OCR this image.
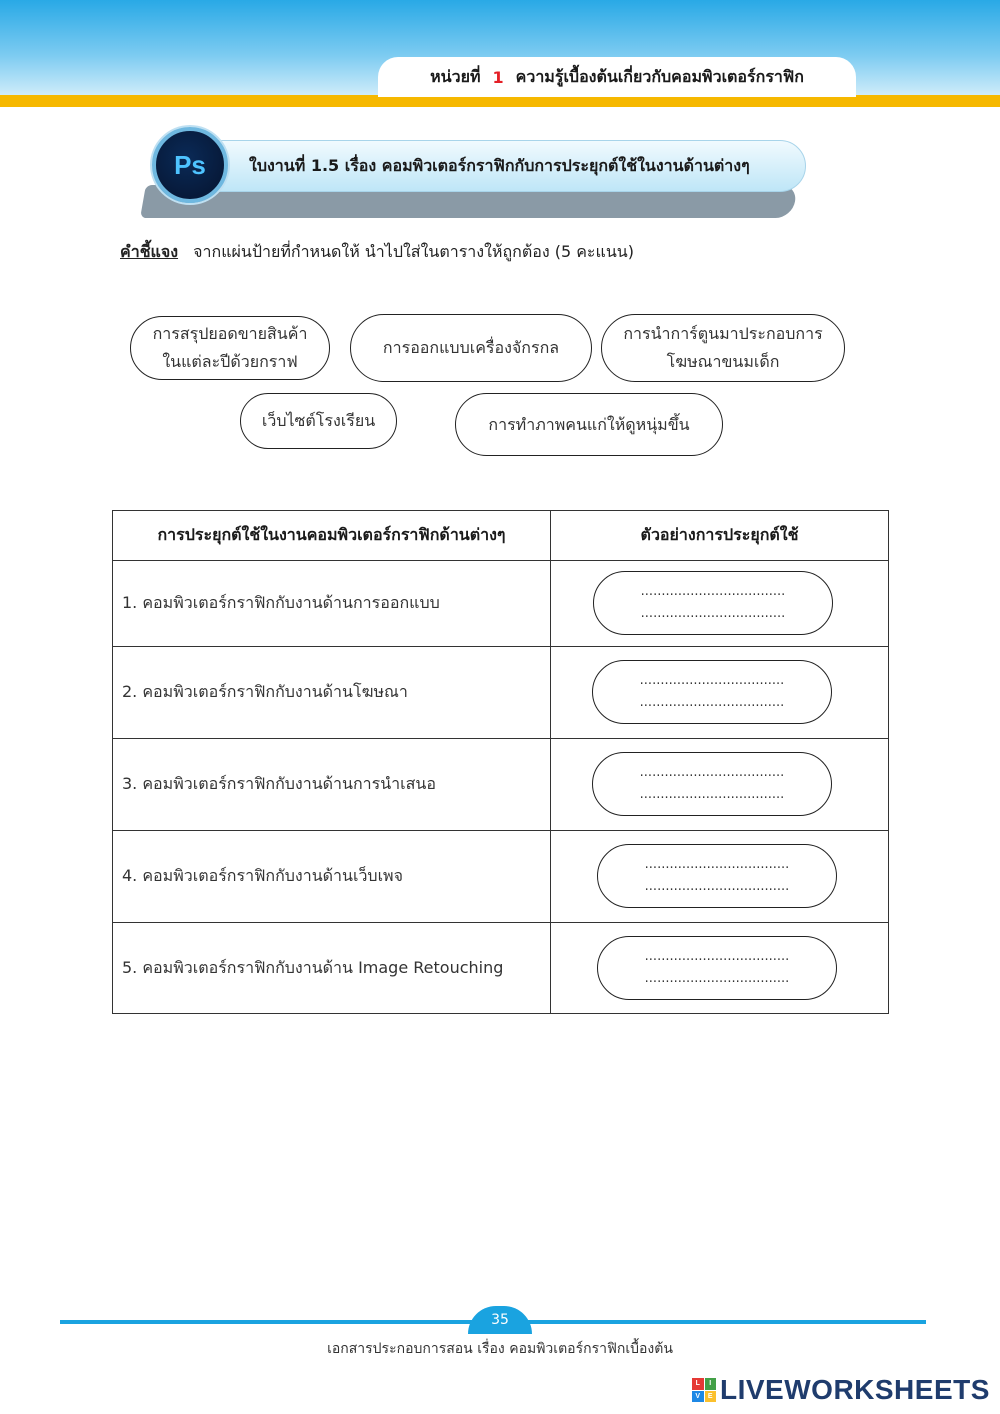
หน่วยที่ 1 ความรู้เบื้องต้นเกี่ยวกับคอมพิวเตอร์กราฟิก
ใบงานที่ 1.5 เรื่อง คอมพิวเตอร์กราฟิกกับการประยุกต์ใช้ในงานด้านต่างๆ
Ps
คำชี้แจง จากแผ่นป้ายที่กำหนดให้ นำไปใส่ในตารางให้ถูกต้อง (5 คะแนน)
การสรุปยอดขายสินค้า
ในแต่ละปีด้วยกราฟ
การออกแบบเครื่องจักรกล
การนำการ์ตูนมาประกอบการ
โฆษณาขนมเด็ก
เว็บไซต์โรงเรียน	การทำภาพคนแก่ให้ดูหนุ่มขึ้น
การประยุกต์ใช้ในงานคอมพิวเตอร์กราฟิกด้านต่างๆ	ตัวอย่างการประยุกต์ใช้
1. คอมพิวเตอร์กราฟิกกับงานด้านการออกแบบ
...................................
...................................
2. คอมพิวเตอร์กราฟิกกับงานด้านโฆษณา
...................................
...................................
3. คอมพิวเตอร์กราฟิกกับงานด้านการนำเสนอ
...................................
...................................
4. คอมพิวเตอร์กราฟิกกับงานด้านเว็บเพจ
...................................
...................................
5. คอมพิวเตอร์กราฟิกกับงานด้าน Image Retouching
...................................
...................................
35
เอกสารประกอบการสอน เรื่อง คอมพิวเตอร์กราฟิกเบื้องต้น
L	I
V	E LIVEWORKSHEETS
